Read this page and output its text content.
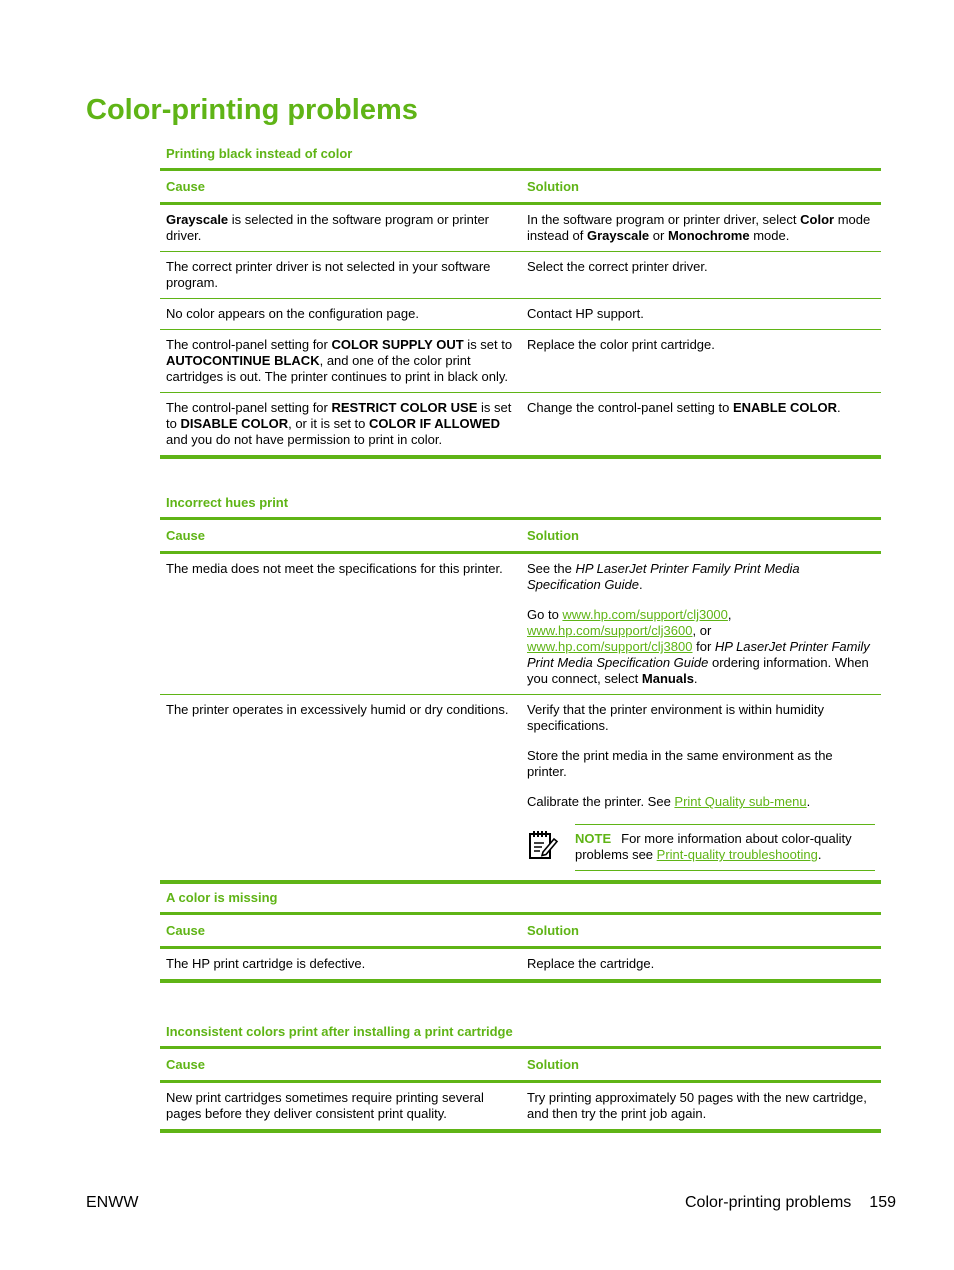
Color-printing problems
Printing black instead of color
Cause	Solution
Grayscale is selected in the software program or printer driver.	In the software program or printer driver, select Color mode instead of Grayscale or Monochrome mode.

The correct printer driver is not selected in your software program.	Select the correct printer driver.

No color appears on the configuration page.	Contact HP support.

The control-panel setting for COLOR SUPPLY OUT is set to AUTOCONTINUE BLACK, and one of the color print cartridges is out. The printer continues to print in black only.	Replace the color print cartridge.

The control-panel setting for RESTRICT COLOR USE is set to DISABLE COLOR, or it is set to COLOR IF ALLOWED and you do not have permission to print in color.	Change the control-panel setting to ENABLE COLOR.

Incorrect hues print
Cause	Solution
The media does not meet the specifications for this printer.	See the HP LaserJet Printer Family Print Media Specification Guide.

Go to www.hp.com/support/clj3000, www.hp.com/support/clj3600, or www.hp.com/support/clj3800 for HP LaserJet Printer Family Print Media Specification Guide ordering information. When you connect, select Manuals.

The printer operates in excessively humid or dry conditions.	Verify that the printer environment is within humidity specifications.

Store the print media in the same environment as the printer.

Calibrate the printer. See Print Quality sub-menu.

NOTE For more information about color-quality problems see Print-quality troubleshooting.
A color is missing
Cause	Solution
The HP print cartridge is defective.	Replace the cartridge.

Inconsistent colors print after installing a print cartridge
Cause	Solution
New print cartridges sometimes require printing several pages before they deliver consistent print quality.	Try printing approximately 50 pages with the new cartridge, and then try the print job again.

ENWW	Color-printing problems 159
